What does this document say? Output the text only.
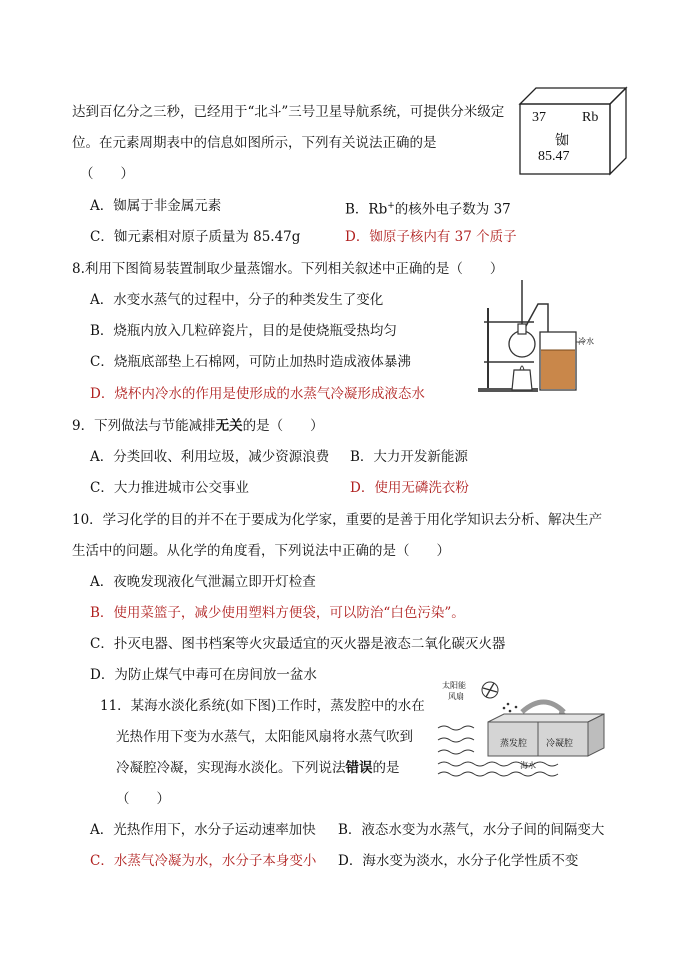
达到百亿分之三秒，已经用于“北斗”三号卫星导航系统，可提供分米级定
位。在元素周期表中的信息如图所示，下列有关说法正确的是
（　　）
A．铷属于非金属元素	B．Rb+的核外电子数为 37
C．铷元素相对原子质量为 85.47g	D．铷原子核内有 37 个质子
37	Rb
铷
85.47
8.利用下图简易装置制取少量蒸馏水。下列相关叙述中正确的是（　　）
A．水变水蒸气的过程中，分子的种类发生了变化
B．烧瓶内放入几粒碎瓷片，目的是使烧瓶受热均匀
C．烧瓶底部垫上石棉网，可防止加热时造成液体暴沸
D．烧杯内冷水的作用是使形成的水蒸气冷凝形成液态水
冷水
9．下列做法与节能减排无关的是（　　）
A．分类回收、利用垃圾，减少资源浪费 B．大力开发新能源
C．大力推进城市公交事业	D．使用无磷洗衣粉
10．学习化学的目的并不在于要成为化学家，重要的是善于用化学知识去分析、解决生产
生活中的问题。从化学的角度看，下列说法中正确的是（　　）
A．夜晚发现液化气泄漏立即开灯检查
B．使用菜篮子，减少使用塑料方便袋，可以防治“白色污染”。
C．扑灭电器、图书档案等火灾最适宜的灭火器是液态二氧化碳灭火器
D．为防止煤气中毒可在房间放一盆水
11．某海水淡化系统(如下图)工作时，蒸发腔中的水在
光热作用下变为水蒸气，太阳能风扇将水蒸气吹到
冷凝腔冷凝，实现海水淡化。下列说法错误的是
（　　）
A．光热作用下，水分子运动速率加快 B．液态水变为水蒸气，水分子间的间隔变大
C．水蒸气冷凝为水，水分子本身变小 D．海水变为淡水，水分子化学性质不变
太阳能
风扇
蒸发腔 冷凝腔
海水
